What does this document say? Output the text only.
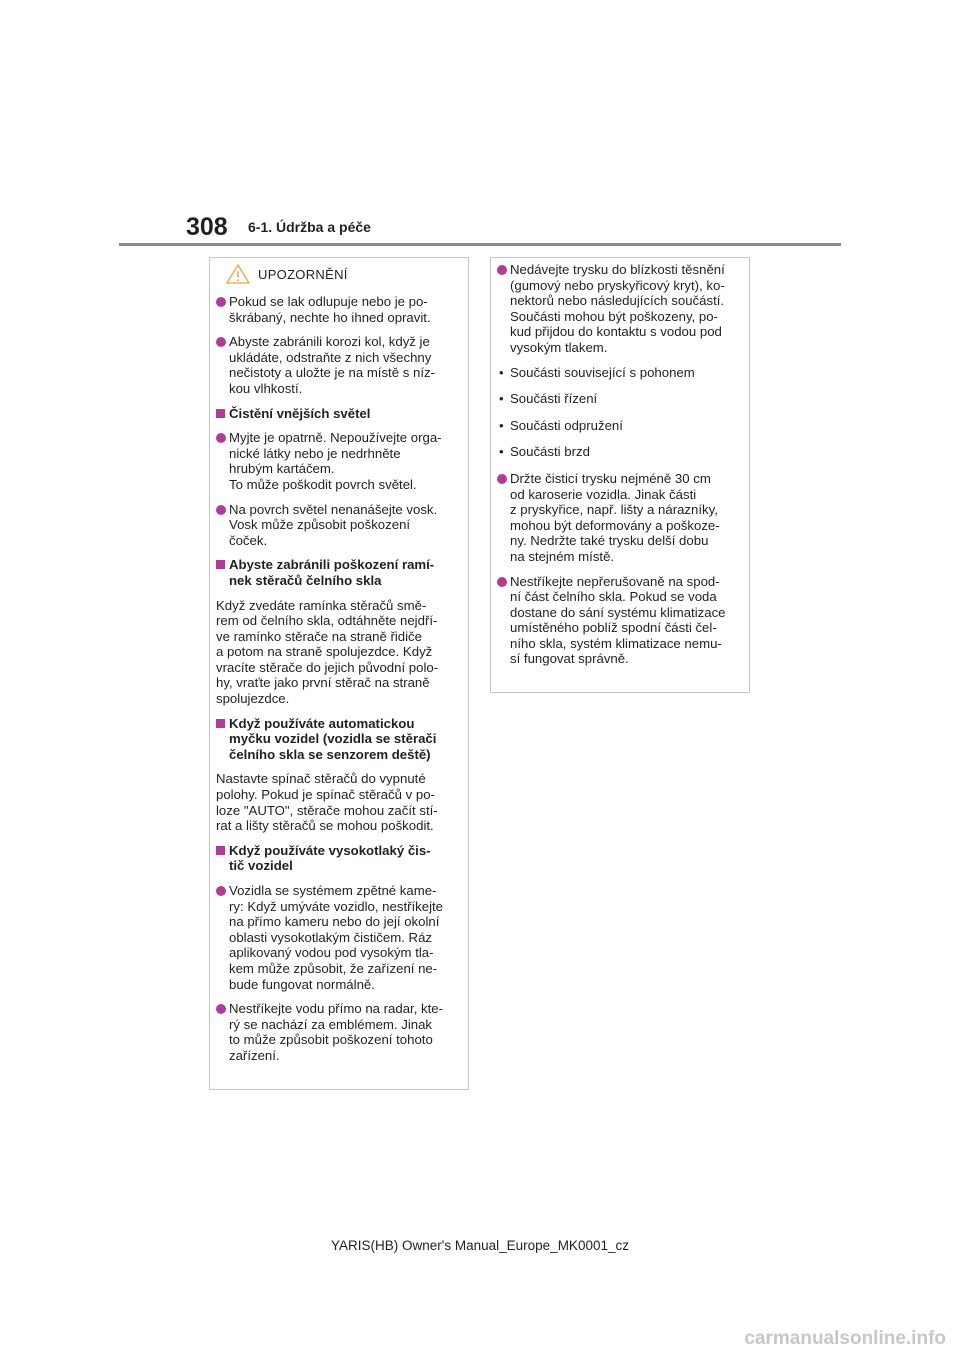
308 6-1. Údržba a péče
UPOZORNĚNÍ
Pokud se lak odlupuje nebo je po-
škrábaný, nechte ho ihned opravit.
Abyste zabránili korozi kol, když je
ukládáte, odstraňte z nich všechny
nečistoty a uložte je na místě s níz-
kou vlhkostí.
Čistění vnějších světel
Myjte je opatrně. Nepoužívejte orga-
nické látky nebo je nedrhněte
hrubým kartáčem.
To může poškodit povrch světel.
Na povrch světel nenanášejte vosk.
Vosk může způsobit poškození
čoček.
Abyste zabránili poškození ramí-
nek stěračů čelního skla
Když zvedáte ramínka stěračů smě-
rem od čelního skla, odtáhněte nejdří-
ve ramínko stěrače na straně řidiče
a potom na straně spolujezdce. Když
vracíte stěrače do jejich původní polo-
hy, vraťte jako první stěrač na straně
spolujezdce.
Když používáte automatickou
myčku vozidel (vozidla se stěrači
čelního skla se senzorem deště)
Nastavte spínač stěračů do vypnuté
polohy. Pokud je spínač stěračů v po-
loze "AUTO", stěrače mohou začít stí-
rat a lišty stěračů se mohou poškodit.
Když používáte vysokotlaký čis-
tič vozidel
Vozidla se systémem zpětné kame-
ry: Když umýváte vozidlo, nestříkejte
na přímo kameru nebo do její okolní
oblasti vysokotlakým čističem. Ráz
aplikovaný vodou pod vysokým tla-
kem může způsobit, že zařízení ne-
bude fungovat normálně.
Nestříkejte vodu přímo na radar, kte-
rý se nachází za emblémem. Jinak
to může způsobit poškození tohoto
zařízení.
Nedávejte trysku do blízkosti těsnění
(gumový nebo pryskyřicový kryt), ko-
nektorů nebo následujících součástí.
Součásti mohou být poškozeny, po-
kud přijdou do kontaktu s vodou pod
vysokým tlakem.
• Součásti související s pohonem
• Součásti řízení
• Součásti odpružení
• Součásti brzd
Držte čisticí trysku nejméně 30 cm
od karoserie vozidla. Jinak části
z pryskyřice, např. lišty a nárazníky,
mohou být deformovány a poškoze-
ny. Nedržte také trysku delší dobu
na stejném místě.
Nestříkejte nepřerušovaně na spod-
ní část čelního skla. Pokud se voda
dostane do sání systému klimatizace
umístěného poblíž spodní části čel-
ního skla, systém klimatizace nemu-
sí fungovat správně.
YARIS(HB) Owner's Manual_Europe_MK0001_cz
carmanualsonline.info
